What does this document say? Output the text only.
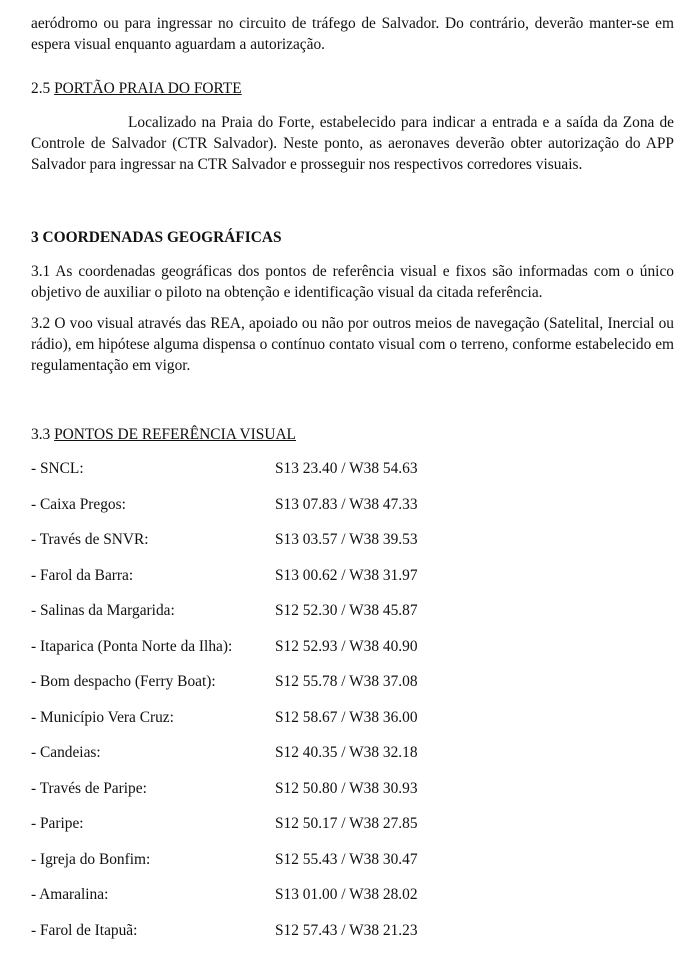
aeródromo ou para ingressar no circuito de tráfego de Salvador. Do contrário, deverão manter-se em espera visual enquanto aguardam a autorização.

2.5 PORTÃO PRAIA DO FORTE

Localizado na Praia do Forte, estabelecido para indicar a entrada e a saída da Zona de Controle de Salvador (CTR Salvador). Neste ponto, as aeronaves deverão obter autorização do APP Salvador para ingressar na CTR Salvador e prosseguir nos respectivos corredores visuais.

3 COORDENADAS GEOGRÁFICAS

3.1 As coordenadas geográficas dos pontos de referência visual e fixos são informadas com o único objetivo de auxiliar o piloto na obtenção e identificação visual da citada referência.

3.2 O voo visual através das REA, apoiado ou não por outros meios de navegação (Satelital, Inercial ou rádio), em hipótese alguma dispensa o contínuo contato visual com o terreno, conforme estabelecido em regulamentação em vigor.

3.3 PONTOS DE REFERÊNCIA VISUAL

- SNCL:	S13 23.40 / W38 54.63
- Caixa Pregos:	S13 07.83 / W38 47.33
- Través de SNVR:	S13 03.57 / W38 39.53
- Farol da Barra:	S13 00.62 / W38 31.97
- Salinas da Margarida:	S12 52.30 / W38 45.87
- Itaparica (Ponta Norte da Ilha):	S12 52.93 / W38 40.90
- Bom despacho (Ferry Boat):	S12 55.78 / W38 37.08
- Município Vera Cruz:	S12 58.67 / W38 36.00
- Candeias:	S12 40.35 / W38 32.18
- Través de Paripe:	S12 50.80 / W38 30.93
- Paripe:	S12 50.17 / W38 27.85
- Igreja do Bonfim:	S12 55.43 / W38 30.47
- Amaralina:	S13 01.00 / W38 28.02
- Farol de Itapuã:	S12 57.43 / W38 21.23
